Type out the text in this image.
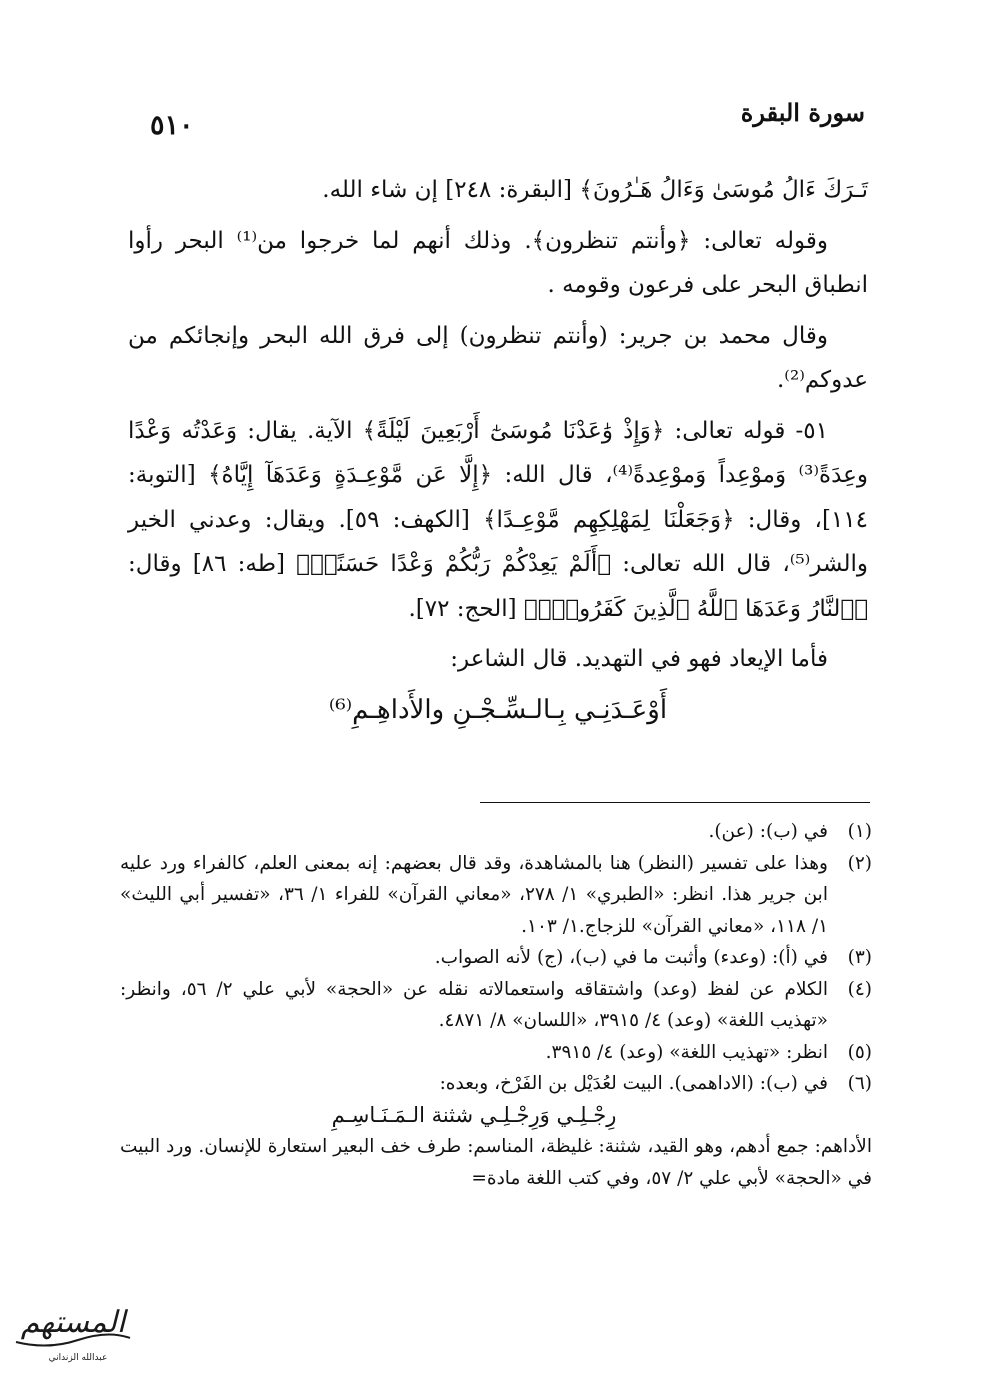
٥١٠	سورة البقرة

تَـرَكَ ءَالُ مُوسَىٰ وَءَالُ هَـٰرُونَ﴾ [البقرة: ٢٤٨] إن شاء الله.

وقوله تعالى: ﴿وأنتم تنظرون﴾. وذلك أنهم لما خرجوا من⁽¹⁾ البحر رأوا انطباق البحر على فرعون وقومه .

وقال محمد بن جرير: (وأنتم تنظرون) إلى فرق الله البحر وإنجائكم من عدوكم⁽²⁾.

٥١- قوله تعالى: ﴿وَإِذْ وَٰعَدْنَا مُوسَىٰٓ أَرْبَعِينَ لَيْلَةً﴾ الآية. يقال: وَعَدْتُه وَعْدًا وعِدَةً⁽³⁾ وَموْعِداً وَموْعِدةً⁽⁴⁾، قال الله: ﴿إِلَّا عَن مَّوْعِـدَةٍ وَعَدَهَآ إِيَّاهُ﴾ [التوبة: ١١٤]، وقال: ﴿وَجَعَلْنَا لِمَهْلِكِهِم مَّوْعِـدًا﴾ [الكهف: ٥٩]. ويقال: وعدني الخير والشر⁽⁵⁾، قال الله تعالى: ﴿أَلَمْ يَعِدْكُمْ رَبُّكُمْ وَعْدًا حَسَنًاۚ﴾ [طه: ٨٦] وقال: ﴿ٱلنَّارُ وَعَدَهَا ٱللَّهُ ٱلَّذِينَ كَفَرُواْۖ﴾ [الحج: ٧٢].

فأما الإيعاد فهو في التهديد. قال الشاعر:

أَوْعَـدَنِـي بِـالـسِّـجْـنِ والأَداهِـمِ⁽⁶⁾

(١)
في (ب): (عن).
(٢)
وهذا على تفسير (النظر) هنا بالمشاهدة، وقد قال بعضهم: إنه بمعنى العلم، كالفراء ورد عليه ابن جرير هذا. انظر: «الطبري» ١/ ٢٧٨، «معاني القرآن» للفراء ١/ ٣٦، «تفسير أبي الليث» ١/ ١١٨، «معاني القرآن» للزجاج.١/ ١٠٣.
(٣)
في (أ): (وعدء) وأثبت ما في (ب)، (ج) لأنه الصواب.
(٤)
الكلام عن لفظ (وعد) واشتقاقه واستعمالاته نقله عن «الحجة» لأبي علي ٢/ ٥٦، وانظر: «تهذيب اللغة» (وعد) ٤/ ٣٩١٥، «اللسان» ٨/ ٤٨٧١.
(٥)
انظر: «تهذيب اللغة» (وعد) ٤/ ٣٩١٥.
(٦)
في (ب): (الاداهمى). البيت لعُدَيْل بن الفَرْخ، وبعده:
رِجْـلِـي وَرِجْـلِـي شثنة الـمَـنَـاسِـمِ
الأداهم: جمع أدهم، وهو القيد، شثنة: غليظة، المناسم: طرف خف البعير استعارة للإنسان. ورد البيت في «الحجة» لأبي علي ٢/ ٥٧، وفي كتب اللغة مادة=
المستهم
عبدالله الزنداني
